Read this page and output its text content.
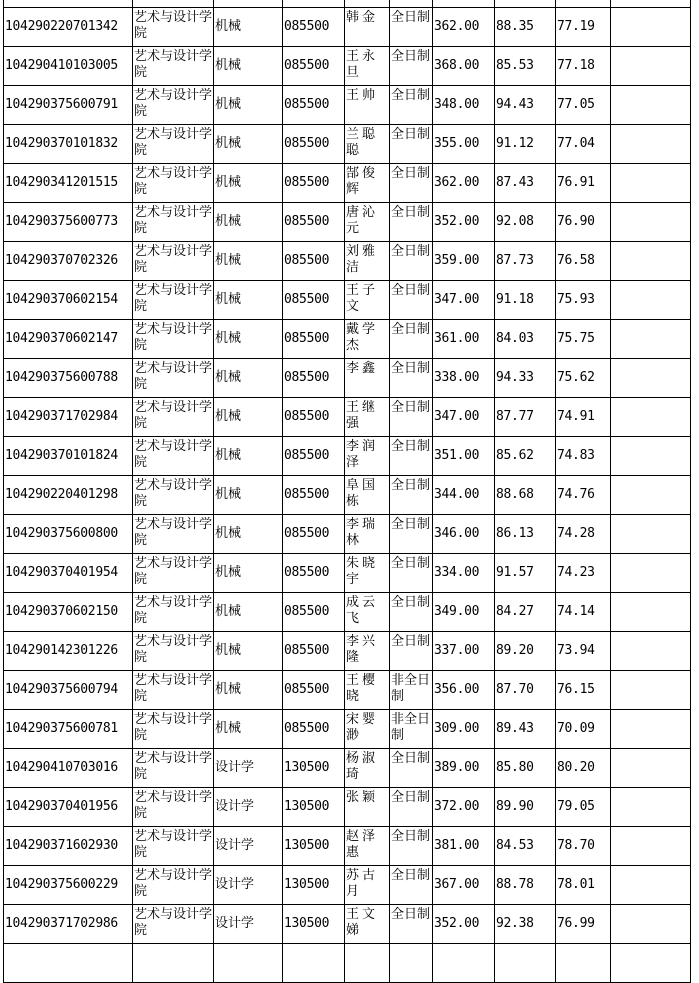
104290220701342	艺术与设计学院	机械	085500	韩金	全日制	362.00	88.35	77.19	
104290410103005	艺术与设计学院	机械	085500	王永旦	全日制	368.00	85.53	77.18	
104290375600791	艺术与设计学院	机械	085500	王帅	全日制	348.00	94.43	77.05	
104290370101832	艺术与设计学院	机械	085500	兰聪聪	全日制	355.00	91.12	77.04	
104290341201515	艺术与设计学院	机械	085500	郜俊辉	全日制	362.00	87.43	76.91	
104290375600773	艺术与设计学院	机械	085500	唐沁元	全日制	352.00	92.08	76.90	
104290370702326	艺术与设计学院	机械	085500	刘雅洁	全日制	359.00	87.73	76.58	
104290370602154	艺术与设计学院	机械	085500	王子文	全日制	347.00	91.18	75.93	
104290370602147	艺术与设计学院	机械	085500	戴学杰	全日制	361.00	84.03	75.75	
104290375600788	艺术与设计学院	机械	085500	李鑫	全日制	338.00	94.33	75.62	
104290371702984	艺术与设计学院	机械	085500	王继强	全日制	347.00	87.77	74.91	
104290370101824	艺术与设计学院	机械	085500	李润泽	全日制	351.00	85.62	74.83	
104290220401298	艺术与设计学院	机械	085500	阜国栋	全日制	344.00	88.68	74.76	
104290375600800	艺术与设计学院	机械	085500	李瑞林	全日制	346.00	86.13	74.28	
104290370401954	艺术与设计学院	机械	085500	朱晓宇	全日制	334.00	91.57	74.23	
104290370602150	艺术与设计学院	机械	085500	成云飞	全日制	349.00	84.27	74.14	
104290142301226	艺术与设计学院	机械	085500	李兴隆	全日制	337.00	89.20	73.94	
104290375600794	艺术与设计学院	机械	085500	王樱晓	非全日制	356.00	87.70	76.15	
104290375600781	艺术与设计学院	机械	085500	宋婴渺	非全日制	309.00	89.43	70.09	
104290410703016	艺术与设计学院	设计学	130500	杨淑琦	全日制	389.00	85.80	80.20	
104290370401956	艺术与设计学院	设计学	130500	张颖	全日制	372.00	89.90	79.05	
104290371602930	艺术与设计学院	设计学	130500	赵泽惠	全日制	381.00	84.53	78.70	
104290375600229	艺术与设计学院	设计学	130500	苏古月	全日制	367.00	88.78	78.01	
104290371702986	艺术与设计学院	设计学	130500	王文娣	全日制	352.00	92.38	76.99	
